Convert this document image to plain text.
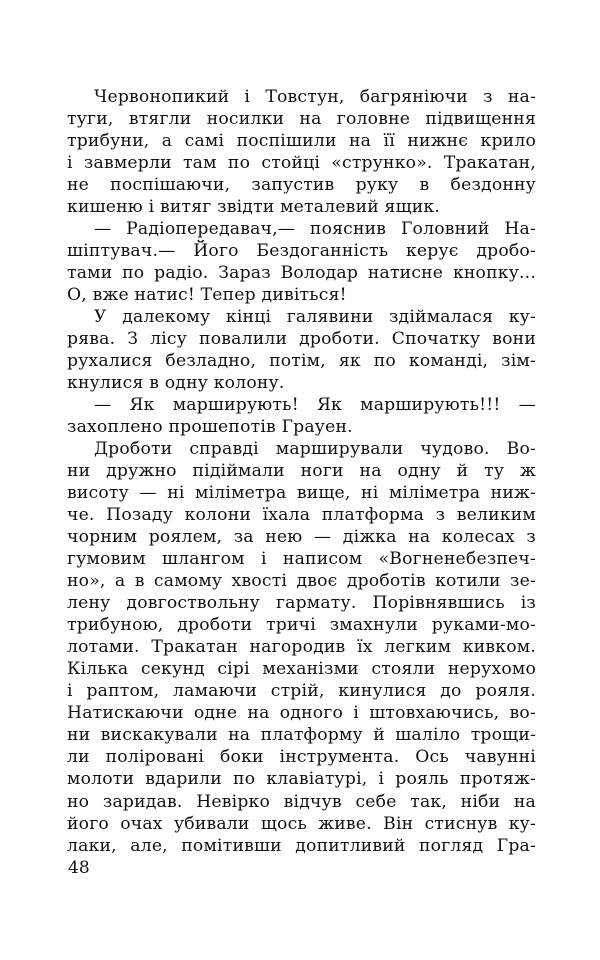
Червонопикий і Товстун, багряніючи з на-
туги, втягли носилки на головне підвищення
трибуни, а самі поспішили на її нижнє крило
і завмерли там по стойці «струнко». Тракатан,
не поспішаючи, запустив руку в бездонну
кишеню і витяг звідти металевий ящик.
— Радіопередавач,— пояснив Головний На-
шіптувач.— Його Бездоганність керує дробо-
тами по радіо. Зараз Володар натисне кнопку...
О, вже натис! Тепер дивіться!
У далекому кінці галявини здіймалася ку-
рява. З лісу повалили дроботи. Спочатку вони
рухалися безладно, потім, як по команді, зім-
кнулися в одну колону.
— Як марширують! Як марширують!!! —
захоплено прошепотів Грауен.
Дроботи справді марширували чудово. Во-
ни дружно підіймали ноги на одну й ту ж
висоту — ні міліметра вище, ні міліметра ниж-
че. Позаду колони їхала платформа з великим
чорним роялем, за нею — діжка на колесах з
гумовим шлангом і написом «Вогненебезпеч-
но», а в самому хвості двоє дроботів котили зе-
лену довгоствольну гармату. Порівнявшись із
трибуною, дроботи тричі змахнули руками-мо-
лотами. Тракатан нагородив їх легким кивком.
Кілька секунд сірі механізми стояли нерухомо
і раптом, ламаючи стрій, кинулися до рояля.
Натискаючи одне на одного і штовхаючись, во-
ни вискакували на платформу й шаліло трощи-
ли поліровані боки інструмента. Ось чавунні
молоти вдарили по клавіатурі, і рояль протяж-
но заридав. Невірко відчув себе так, ніби на
його очах убивали щось живе. Він стиснув ку-
лаки, але, помітивши допитливий погляд Гра-
48
